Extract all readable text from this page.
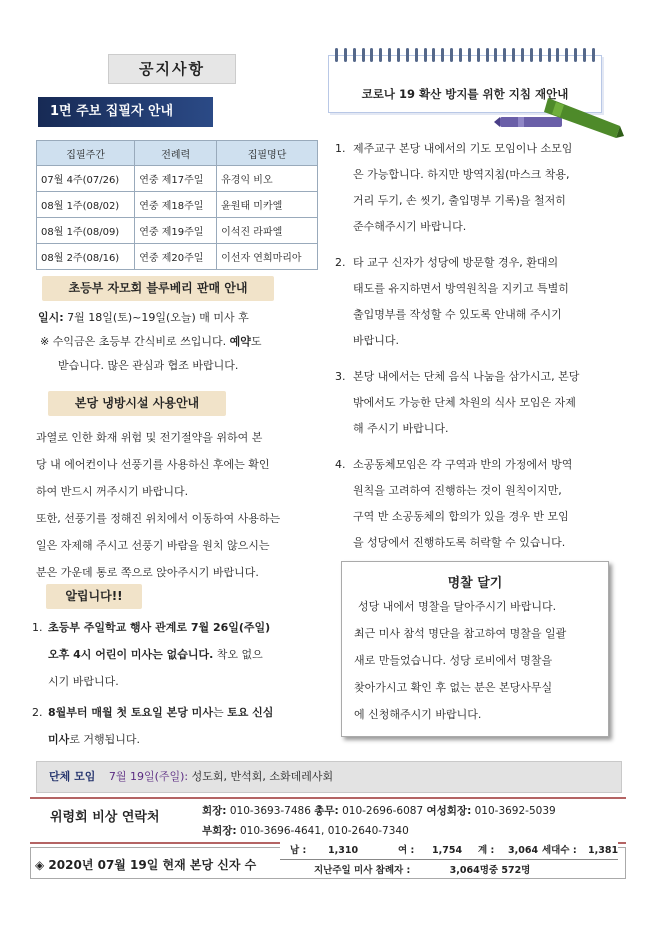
공지사항
1면 주보 집필자 안내
집필주간	전례력	집필명단
07월 4주(07/26)	연중 제17주일	유경익 비오
08월 1주(08/02)	연중 제18주일	윤원태 미카엘
08월 1주(08/09)	연중 제19주일	이석진 라파엘
08월 2주(08/16)	연중 제20주일	이선자 연희마리아
초등부 자모회 블루베리 판매 안내
일시: 7월 18일(토)~19일(오늘) 매 미사 후
※ 수익금은 초등부 간식비로 쓰입니다. 예약도
받습니다. 많은 관심과 협조 바랍니다.
본당 냉방시설 사용안내
과열로 인한 화재 위험 및 전기절약을 위하여 본
당 내 에어컨이나 선풍기를 사용하신 후에는 확인
하여 반드시 꺼주시기 바랍니다.
또한, 선풍기를 정해진 위치에서 이동하여 사용하는
일은 자제해 주시고 선풍기 바람을 원치 않으시는
분은 가운데 통로 쪽으로 앉아주시기 바랍니다.
알립니다!!
1. 초등부 주일학교 행사 관계로 7월 26일(주일)
오후 4시 어린이 미사는 없습니다. 착오 없으
시기 바랍니다.
2. 8월부터 매월 첫 토요일 본당 미사는 토요 신심
미사로 거행됩니다.
코로나 19 확산 방지를 위한 지침 재안내
1. 제주교구 본당 내에서의 기도 모임이나 소모임
은 가능합니다. 하지만 방역지침(마스크 착용,
거리 두기, 손 씻기, 출입명부 기록)을 철저히
준수해주시기 바랍니다.
2. 타 교구 신자가 성당에 방문할 경우, 환대의
태도를 유지하면서 방역원칙을 지키고 특별히
출입명부를 작성할 수 있도록 안내해 주시기
바랍니다.
3. 본당 내에서는 단체 음식 나눔을 삼가시고, 본당
밖에서도 가능한 단체 차원의 식사 모임은 자제
해 주시기 바랍니다.
4. 소공동체모임은 각 구역과 반의 가정에서 방역
원칙을 고려하여 진행하는 것이 원칙이지만,
구역 반 소공동체의 합의가 있을 경우 반 모임
을 성당에서 진행하도록 허락할 수 있습니다.
명찰 달기
성당 내에서 명찰을 달아주시기 바랍니다.
최근 미사 참석 명단을 참고하여 명찰을 일괄
새로 만들었습니다. 성당 로비에서 명찰을
찾아가시고 확인 후 없는 분은 본당사무실
에 신청해주시기 바랍니다.
단체 모임 7월 19일(주일): 성도회, 반석회, 소화데레사회
위령회 비상 연락처	회장: 010-3693-7486 총무: 010-2696-6087 여성회장: 010-3692-5039
부회장: 010-3696-4641, 010-2640-7340
◈ 2020년 07월 19일 현재 본당 신자 수
남 : 1,310	여 : 1,754 계 : 3,064 세대수 : 1,381
지난주일 미사 참례자 :	3,064명중 572명
